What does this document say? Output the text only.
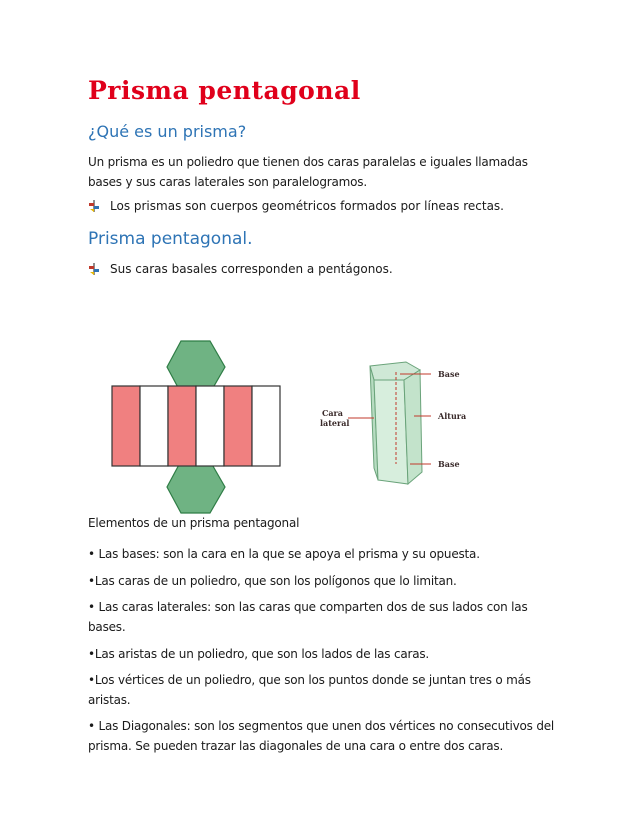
Prisma pentagonal
¿Qué es un prisma?

Un prisma es un poliedro que tienen dos caras paralelas e iguales llamadas bases y sus caras laterales son paralelogramos.

Los prismas son cuerpos geométricos formados por líneas rectas.
Prisma pentagonal.
Sus caras basales corresponden a pentágonos.
Base
Altura
Base
Cara
lateral

Elementos de un prisma pentagonal

• Las bases: son la cara en la que se apoya el prisma y su opuesta.

•Las caras de un poliedro, que son los polígonos que lo limitan.

• Las caras laterales: son las caras que comparten dos de sus lados con las bases.

•Las aristas de un poliedro, que son los lados de las caras.

•Los vértices de un poliedro, que son los puntos donde se juntan tres o más aristas.

• Las Diagonales: son los segmentos que unen dos vértices no consecutivos del prisma. Se pueden trazar las diagonales de una cara o entre dos caras.
